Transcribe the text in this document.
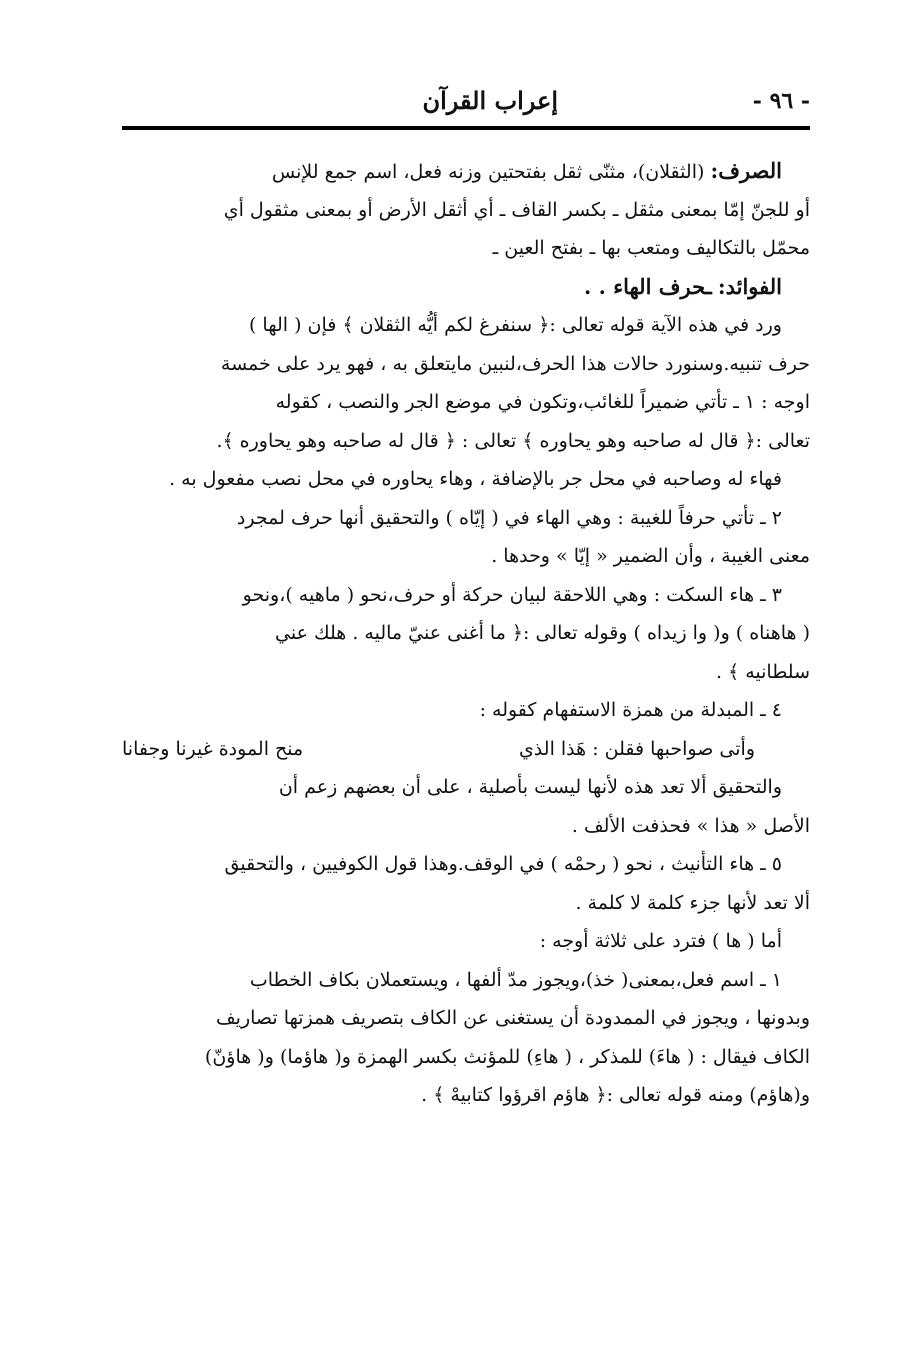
- ٩٦ -
إعراب القرآن
الصرف: (الثقلان)، مثنّى ثقل بفتحتين وزنه فعل، اسم جمع للإنس
أو للجنّ إمّا بمعنى مثقل ـ بكسر القاف ـ أي أثقل الأرض أو بمعنى مثقول أي
محمّل بالتكاليف ومتعب بها ـ بفتح العين ـ
الفوائد: ـحرف الهاء . .
ورد في هذه الآية قوله تعالى :﴿ سنفرغ لكم أيُّه الثقلان ﴾ فإن ( الها )
حرف تنبيه.وسنورد حالات هذا الحرف،لنبين مايتعلق به ، فهو يرد على خمسة
اوجه : ١ ـ تأتي ضميراً للغائب،وتكون في موضع الجر والنصب ، كقوله
تعالى :﴿ قال له صاحبه وهو يحاوره ﴾ تعالى : ﴿ قال له صاحبه وهو يحاوره ﴾.
فهاء له وصاحبه في محل جر بالإضافة ، وهاء يحاوره في محل نصب مفعول به .
٢ ـ تأتي حرفاً للغيبة : وهي الهاء في ( إيّاه ) والتحقيق أنها حرف لمجرد
معنى الغيبة ، وأن الضمير « إيّا » وحدها .
٣ ـ هاء السكت : وهي اللاحقة لبيان حركة أو حرف،نحو ( ماهيه )،ونحو
( هاهناه ) و( وا زيداه ) وقوله تعالى :﴿ ما أغنى عنيّ ماليه . هلك عني
سلطانيه ﴾ .
٤ ـ المبدلة من همزة الاستفهام كقوله :
وأتى صواحبها فقلن : هَذا الذي
منح المودة غيرنا وجفانا
والتحقيق ألا تعد هذه لأنها ليست بأصلية ، على أن بعضهم زعم أن
الأصل « هذا » فحذفت الألف .
٥ ـ هاء التأنيث ، نحو ( رحمْه ) في الوقف.وهذا قول الكوفيين ، والتحقيق
ألا تعد لأنها جزء كلمة لا كلمة .
أما ( ها ) فترد على ثلاثة أوجه :
١ ـ اسم فعل،بمعنى( خذ)،ويجوز مدّ ألفها ، ويستعملان بكاف الخطاب
وبدونها ، ويجوز في الممدودة أن يستغنى عن الكاف بتصريف همزتها تصاريف
الكاف فيقال : ( هاءَ) للمذكر ، ( هاءِ) للمؤنث بكسر الهمزة و( هاؤما) و( هاؤنّ)
و(هاؤم) ومنه قوله تعالى :﴿ هاؤم اقرؤوا كتابيهْ ﴾ .
